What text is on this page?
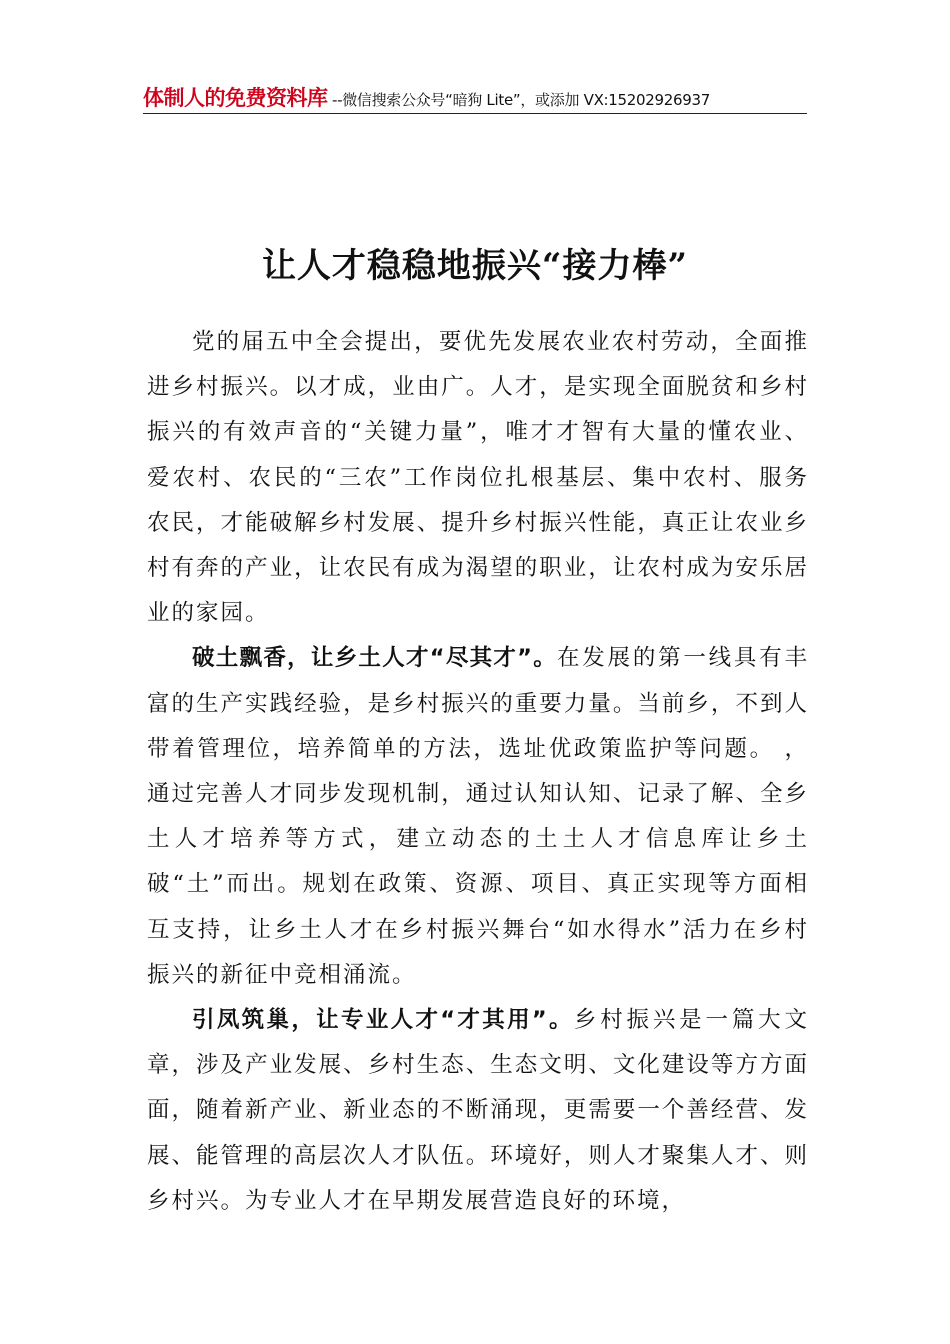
体制人的免费资料库 --微信搜索公众号“暗狗 Lite”，或添加 VX:15202926937
让人才稳稳地振兴“接力棒”

党的届五中全会提出，要优先发展农业农村劳动，全面推进乡村振兴。以才成，业由广。人才，是实现全面脱贫和乡村振兴的有效声音的“关键力量”，唯才才智有大量的懂农业、爱农村、农民的“三农”工作岗位扎根基层、集中农村、服务农民，才能破解乡村发展、提升乡村振兴性能，真正让农业乡村有奔的产业，让农民有成为渴望的职业，让农村成为安乐居业的家园。

破土飘香，让乡土人才“尽其才”。在发展的第一线具有丰富的生产实践经验，是乡村振兴的重要力量。当前乡，不到人带着管理位，培养简单的方法，选址优政策监护等问题。 ，通过完善人才同步发现机制，通过认知认知、记录了解、全乡土人才培养等方式，建立动态的土土人才信息库让乡土破“土”而出。规划在政策、资源、项目、真正实现等方面相互支持，让乡土人才在乡村振兴舞台“如水得水”活力在乡村振兴的新征中竞相涌流。

引凤筑巢，让专业人才“才其用”。乡村振兴是一篇大文章，涉及产业发展、乡村生态、生态文明、文化建设等方方面面，随着新产业、新业态的不断涌现，更需要一个善经营、发展、能管理的高层次人才队伍。环境好，则人才聚集人才、则乡村兴。为专业人才在早期发展营造良好的环境，
